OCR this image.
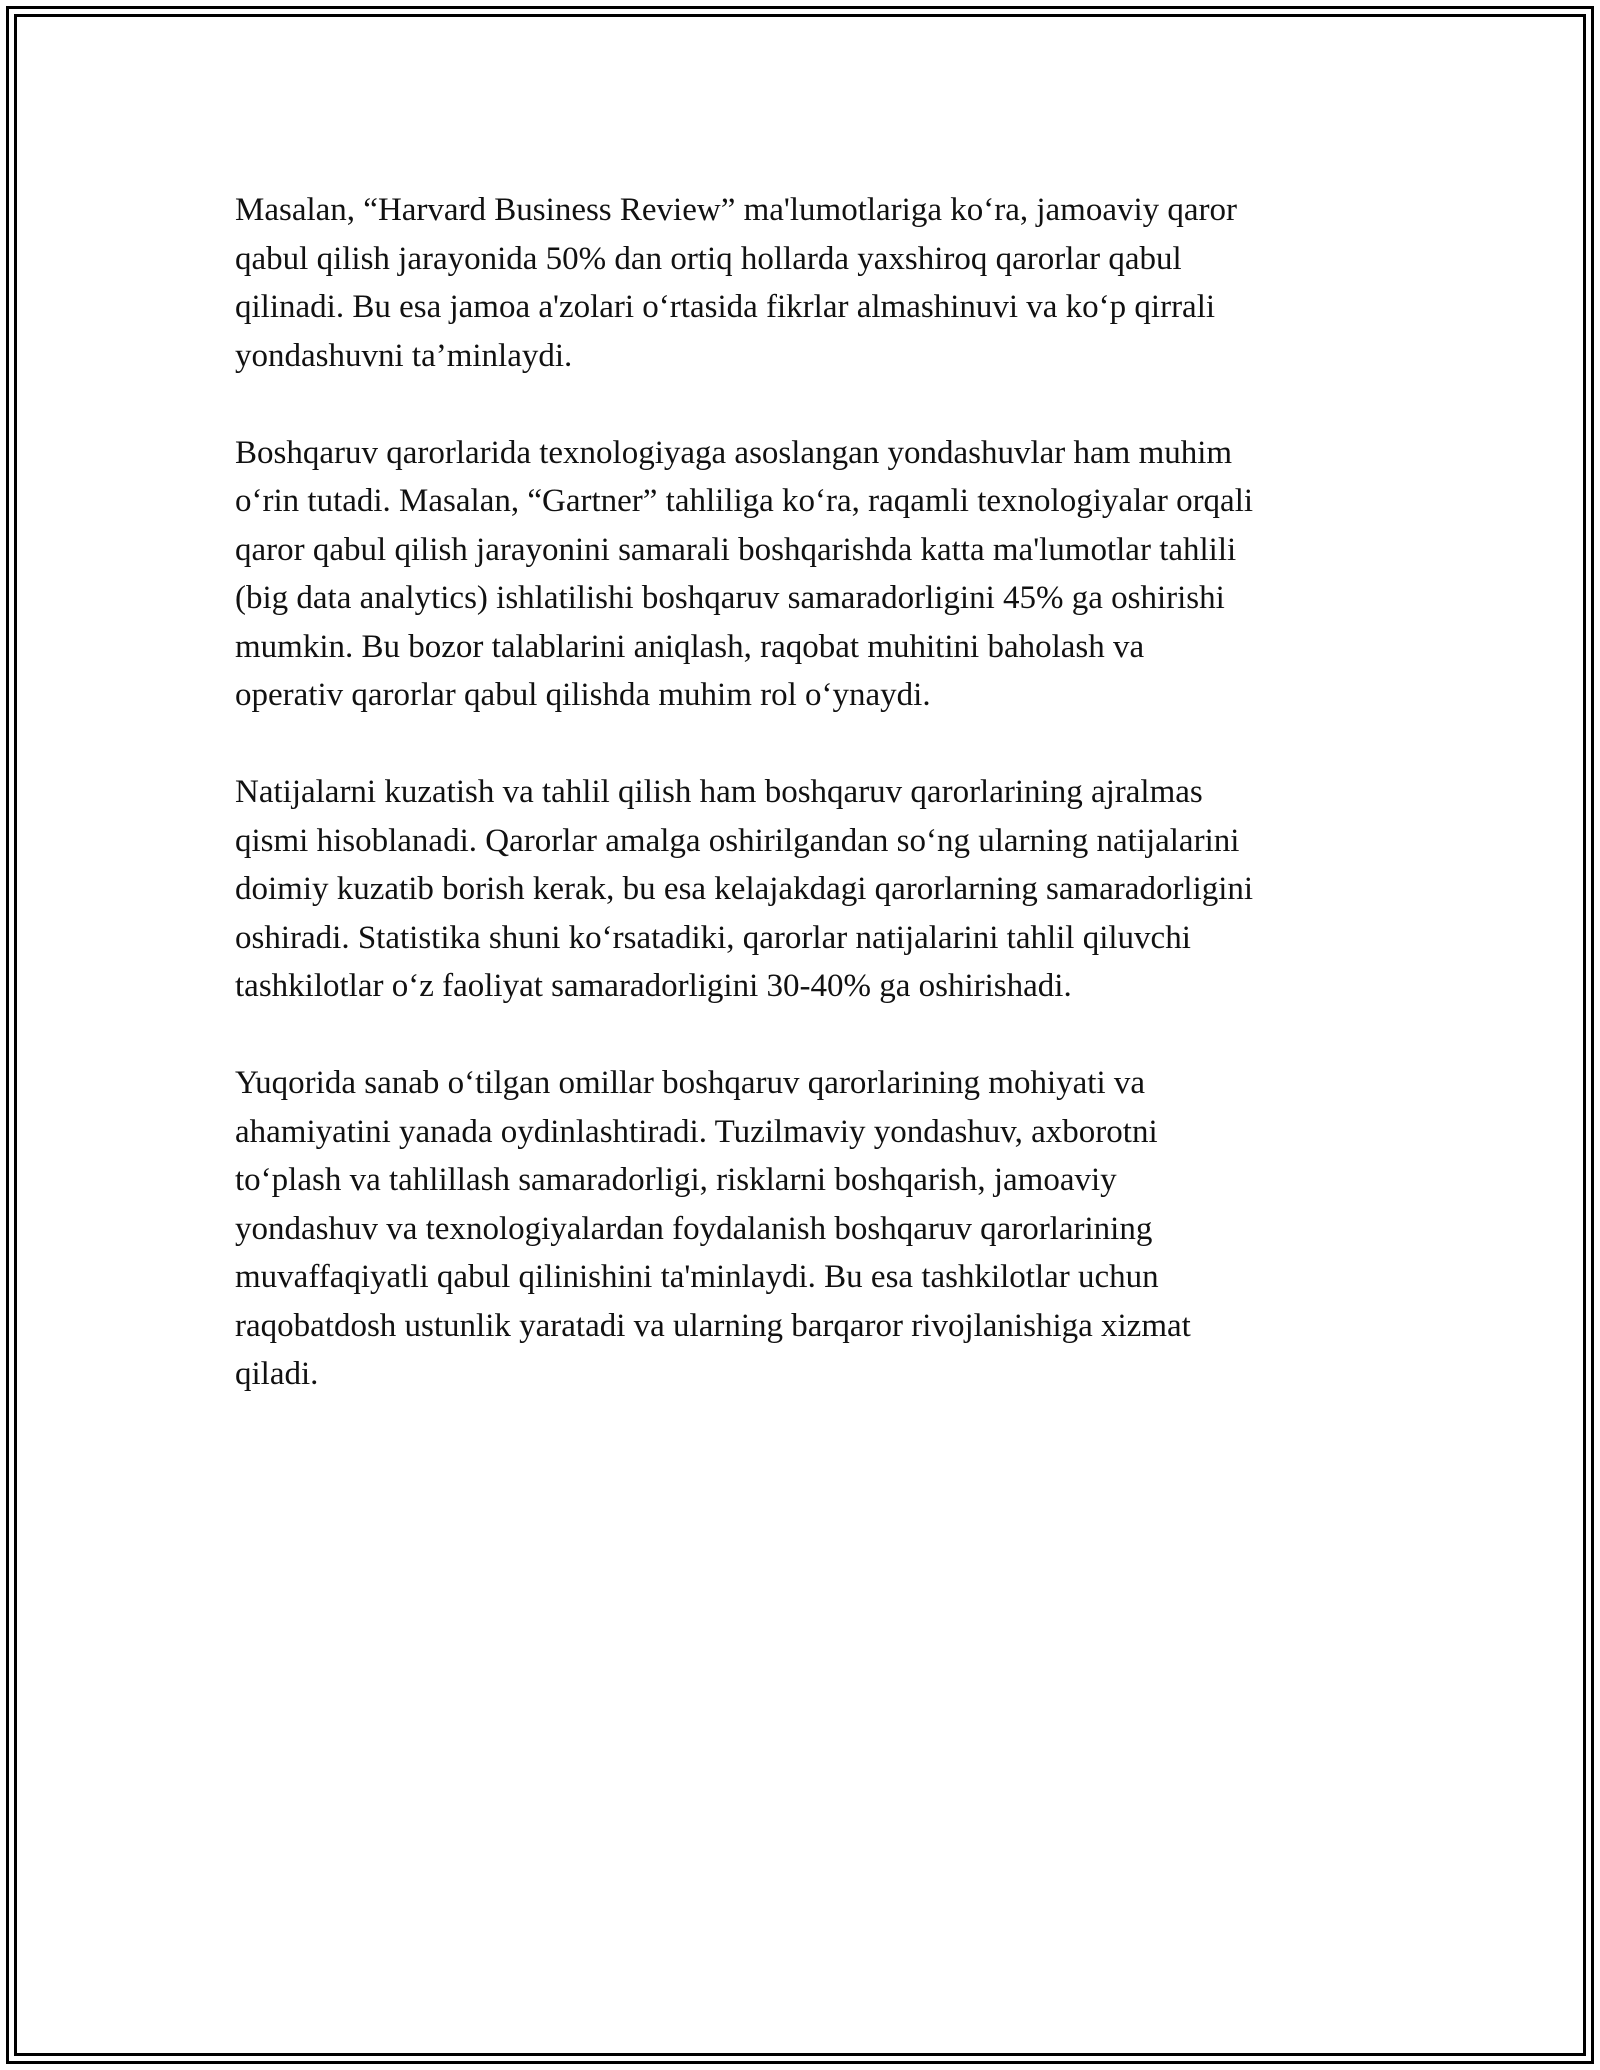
Masalan, “Harvard Business Review” ma'lumotlariga ko‘ra, jamoaviy qaror
qabul qilish jarayonida 50% dan ortiq hollarda yaxshiroq qarorlar qabul
qilinadi. Bu esa jamoa a'zolari o‘rtasida fikrlar almashinuvi va ko‘p qirrali
yondashuvni ta’minlaydi.

Boshqaruv qarorlarida texnologiyaga asoslangan yondashuvlar ham muhim
o‘rin tutadi. Masalan, “Gartner” tahliliga ko‘ra, raqamli texnologiyalar orqali
qaror qabul qilish jarayonini samarali boshqarishda katta ma'lumotlar tahlili
(big data analytics) ishlatilishi boshqaruv samaradorligini 45% ga oshirishi
mumkin. Bu bozor talablarini aniqlash, raqobat muhitini baholash va
operativ qarorlar qabul qilishda muhim rol o‘ynaydi.

Natijalarni kuzatish va tahlil qilish ham boshqaruv qarorlarining ajralmas
qismi hisoblanadi. Qarorlar amalga oshirilgandan so‘ng ularning natijalarini
doimiy kuzatib borish kerak, bu esa kelajakdagi qarorlarning samaradorligini
oshiradi. Statistika shuni ko‘rsatadiki, qarorlar natijalarini tahlil qiluvchi
tashkilotlar o‘z faoliyat samaradorligini 30-40% ga oshirishadi.

Yuqorida sanab o‘tilgan omillar boshqaruv qarorlarining mohiyati va
ahamiyatini yanada oydinlashtiradi. Tuzilmaviy yondashuv, axborotni
to‘plash va tahlillash samaradorligi, risklarni boshqarish, jamoaviy
yondashuv va texnologiyalardan foydalanish boshqaruv qarorlarining
muvaffaqiyatli qabul qilinishini ta'minlaydi. Bu esa tashkilotlar uchun
raqobatdosh ustunlik yaratadi va ularning barqaror rivojlanishiga xizmat
qiladi.
